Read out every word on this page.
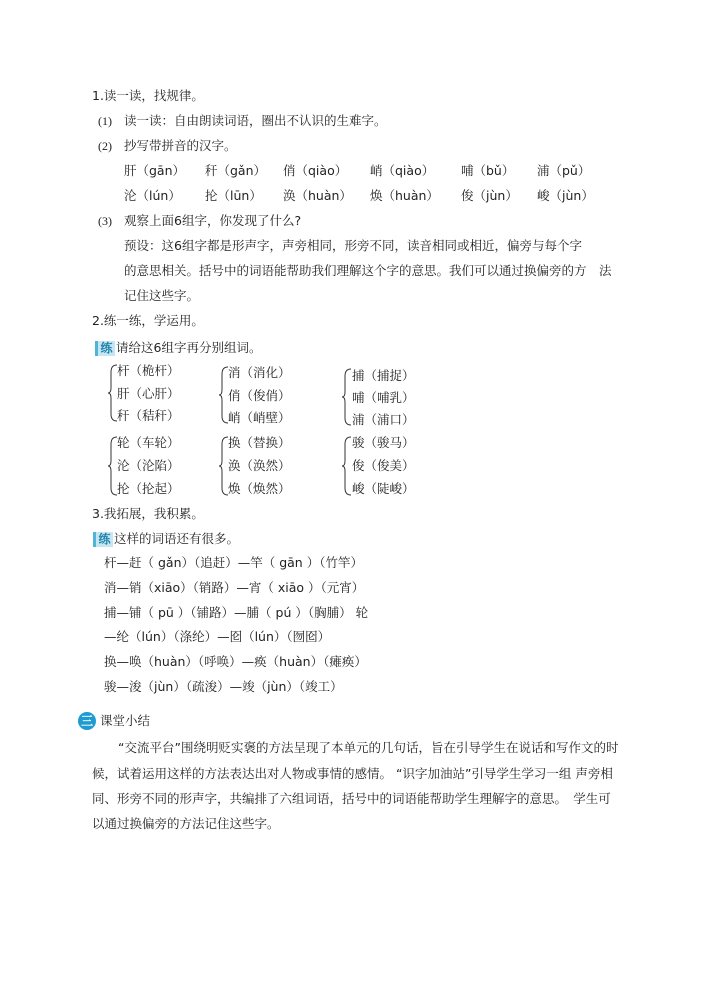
1.读一读，找规律。
(1) 读一读：自由朗读词语，圈出不认识的生难字。
(2) 抄写带拼音的汉字。
肝（gān） 秆（gǎn） 俏（qiào） 峭（qiào） 哺（bǔ） 浦（pǔ）
沦（lún） 抡（lūn） 涣（huàn） 焕（huàn） 俊（jùn） 峻（jùn）
(3) 观察上面6组字，你发现了什么?
预设：这6组字都是形声字，声旁相同，形旁不同，读音相同或相近，偏旁与每个字
的意思相关。括号中的词语能帮助我们理解这个字的意思。我们可以通过换偏旁的方　法
记住这些字。
2.练一练，学运用。
练 请给这6组字再分别组词。
杆（桅杆）
肝（心肝）
秆（秸秆）
消（消化）
俏（俊俏）
峭（峭壁）
捕（捕捉）
哺（哺乳）
浦（浦口）
轮（车轮）
沦（沦陷）
抡（抡起）
换（替换）
涣（涣然）
焕（焕然）
骏（骏马）
俊（俊美）
峻（陡峻）
3.我拓展，我积累。
练 这样的词语还有很多。
杆—赶（ gǎn）（追赶）—竿（ gān ）（竹竿）
消—销（xiāo）（销路）—宵（ xiāo ）（元宵）
捕—铺（ pū ）（铺路）—脯（ pú ）（胸脯） 轮
—纶（lún）（涤纶）—囵（lún）（囫囵）
换—唤（huàn）（呼唤）—痪（huàn）（瘫痪）
骏—浚（jùn）（疏浚）—竣（jùn）（竣工）
三 课堂小结
“交流平台”围绕明贬实褒的方法呈现了本单元的几句话，旨在引导学生在说话和写作文的时
候，试着运用这样的方法表达出对人物或事情的感情。 “识字加油站”引导学生学习一组 声旁相
同、形旁不同的形声字，共编排了六组词语，括号中的词语能帮助学生理解字的意思。　学生可
以通过换偏旁的方法记住这些字。
